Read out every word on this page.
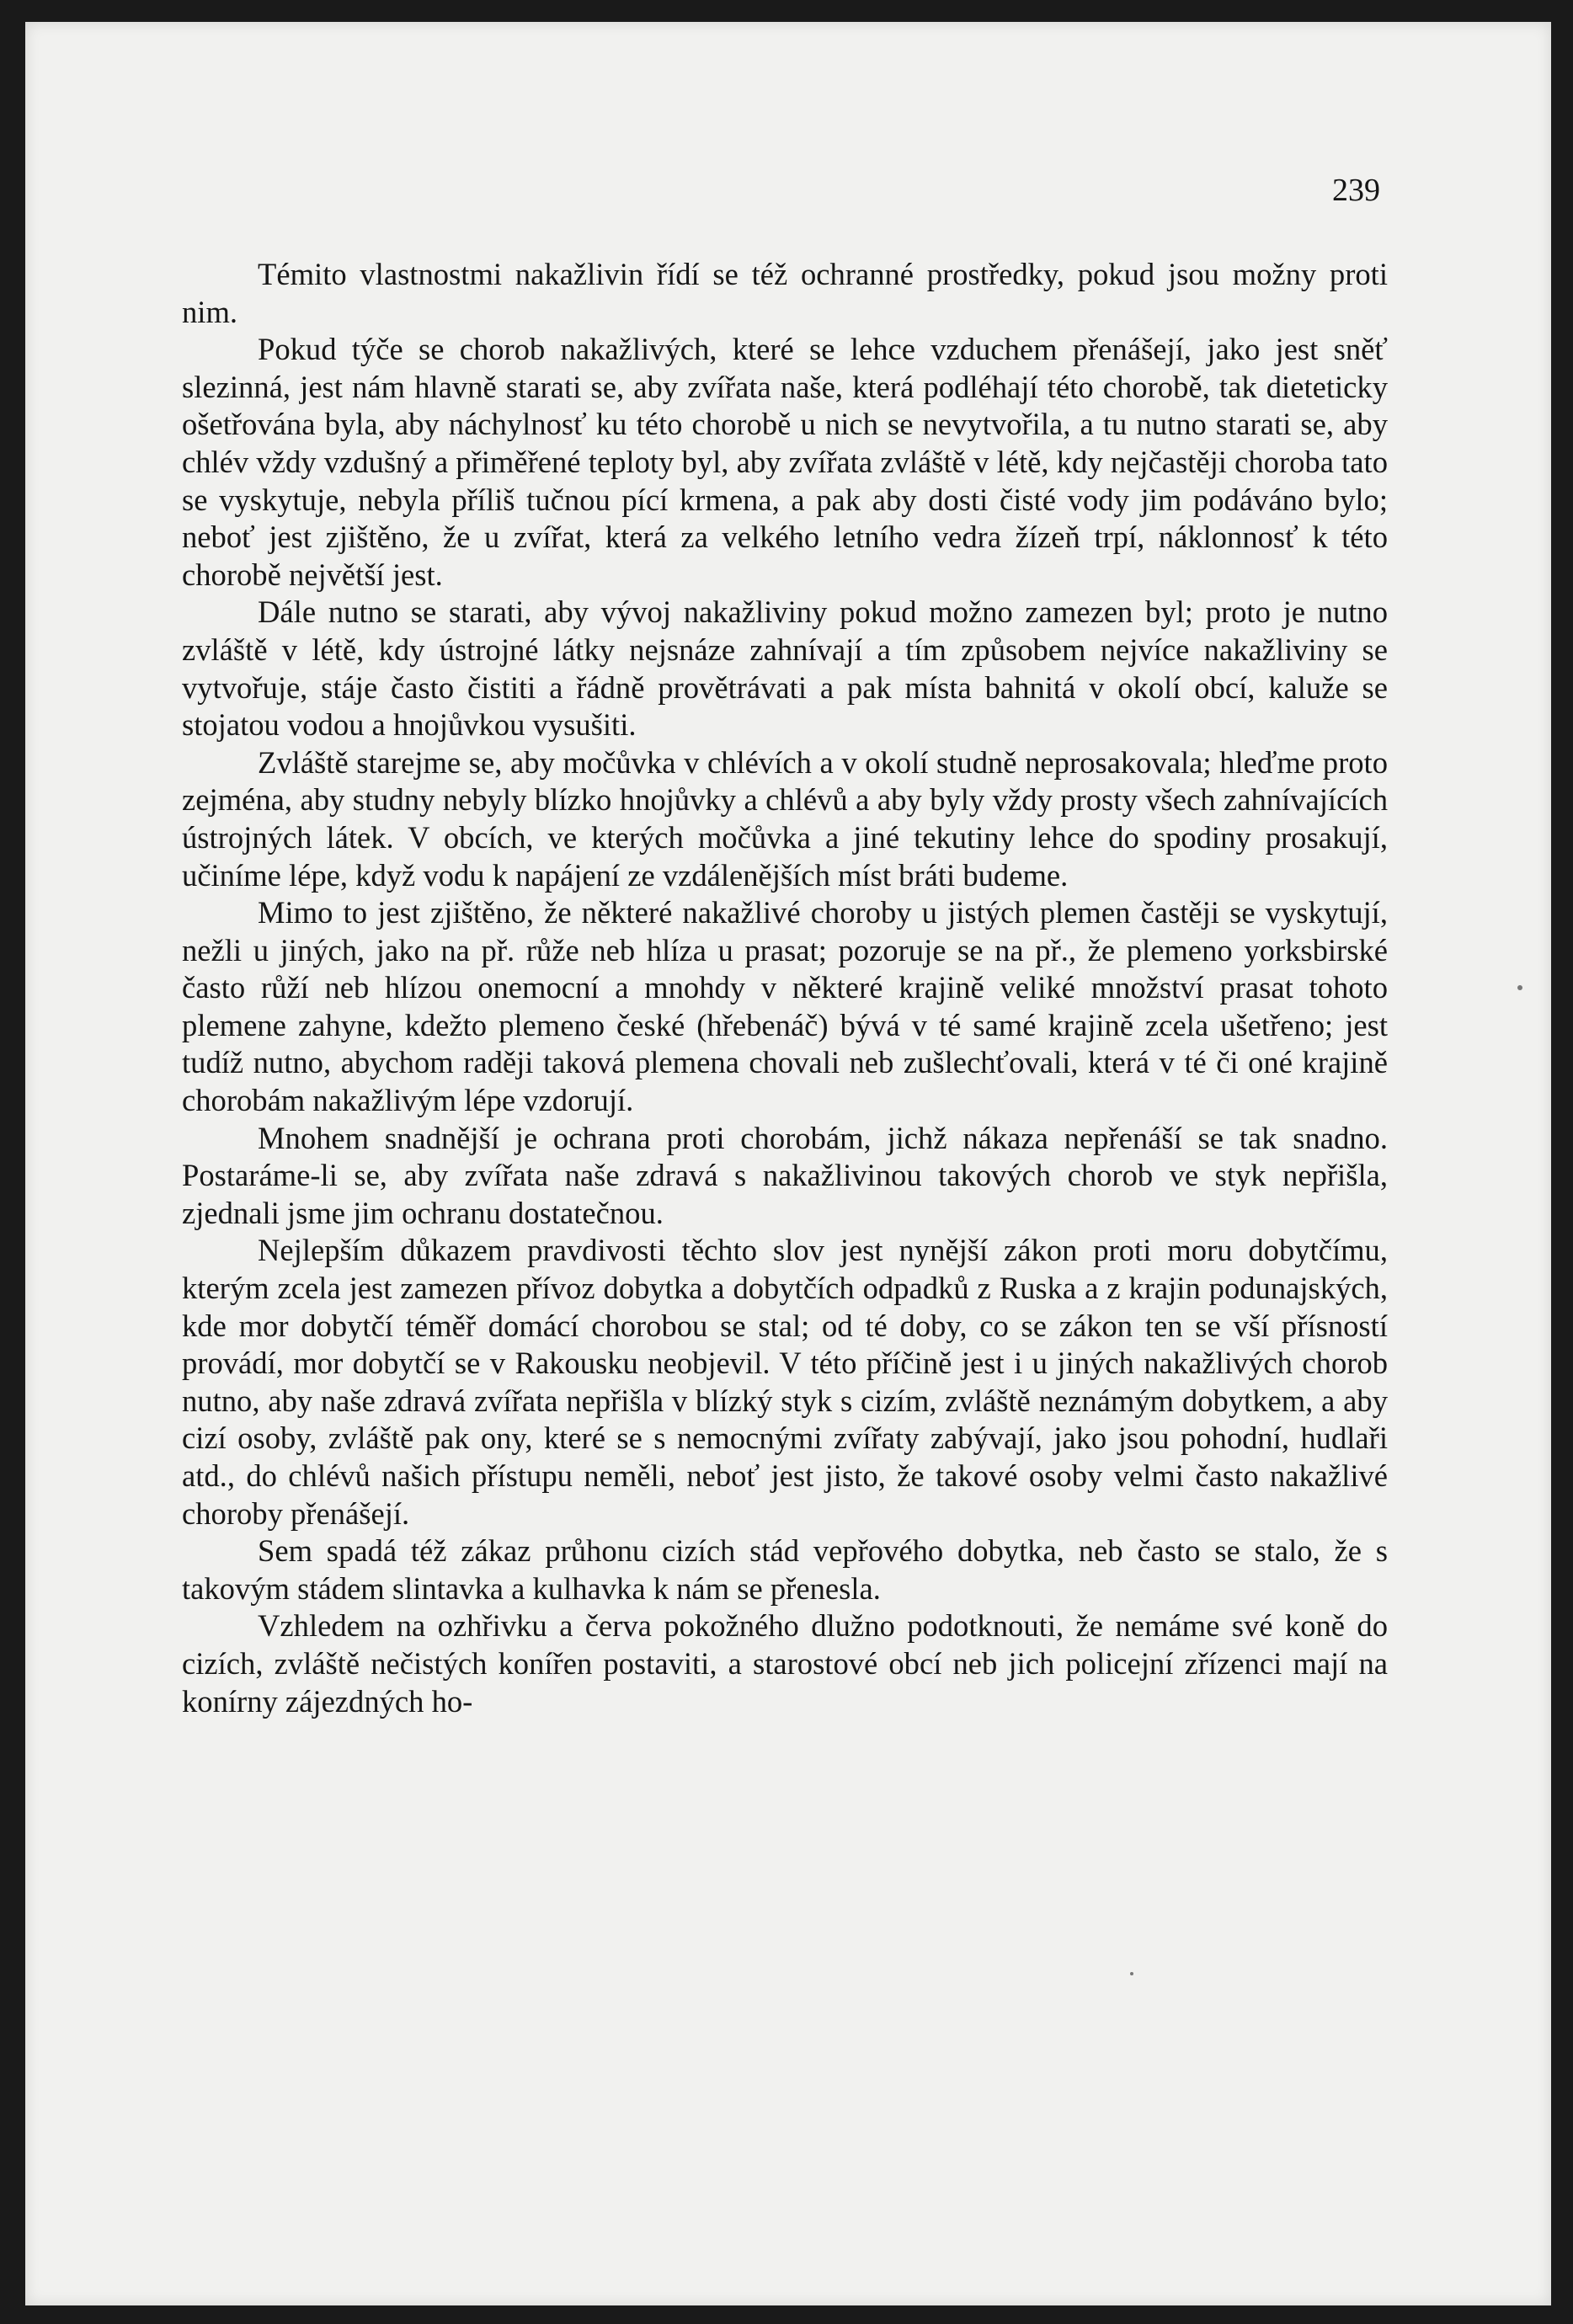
239

Témito vlastnostmi nakažlivin řídí se též ochranné prostředky, pokud jsou možny proti nim.

Pokud týče se chorob nakažlivých, které se lehce vzduchem přenášejí, jako jest sněť slezinná, jest nám hlavně starati se, aby zvířata naše, která podléhají této chorobě, tak dieteticky ošetřována byla, aby náchylnosť ku této chorobě u nich se nevytvořila, a tu nutno starati se, aby chlév vždy vzdušný a přiměřené teploty byl, aby zvířata zvláště v létě, kdy nejčastěji choroba tato se vyskytuje, nebyla příliš tučnou pící krmena, a pak aby dosti čisté vody jim podáváno bylo; neboť jest zjištěno, že u zvířat, která za velkého letního vedra žízeň trpí, náklonnosť k této chorobě největší jest.

Dále nutno se starati, aby vývoj nakažliviny pokud možno zamezen byl; proto je nutno zvláště v létě, kdy ústrojné látky nejsnáze zahnívají a tím způsobem nejvíce nakažliviny se vytvořuje, stáje často čistiti a řádně provětrávati a pak místa bahnitá v okolí obcí, kaluže se stojatou vodou a hnojůvkou vysušiti.

Zvláště starejme se, aby močůvka v chlévích a v okolí studně neprosakovala; hleďme proto zejména, aby studny nebyly blízko hnojůvky a chlévů a aby byly vždy prosty všech zahnívajících ústrojných látek. V obcích, ve kterých močůvka a jiné tekutiny lehce do spodiny prosakují, učiníme lépe, když vodu k napájení ze vzdálenějších míst bráti budeme.

Mimo to jest zjištěno, že některé nakažlivé choroby u jistých plemen častěji se vyskytují, nežli u jiných, jako na př. růže neb hlíza u prasat; pozoruje se na př., že plemeno yorksbirské často růží neb hlízou onemocní a mnohdy v některé krajině veliké množství prasat tohoto plemene zahyne, kdežto plemeno české (hřebenáč) bývá v té samé krajině zcela ušetřeno; jest tudíž nutno, abychom raději taková plemena chovali neb zušlechťovali, která v té či oné krajině chorobám nakažlivým lépe vzdorují.

Mnohem snadnější je ochrana proti chorobám, jichž nákaza nepřenáší se tak snadno. Postaráme-li se, aby zvířata naše zdravá s nakažlivinou takových chorob ve styk nepřišla, zjednali jsme jim ochranu dostatečnou.

Nejlepším důkazem pravdivosti těchto slov jest nynější zákon proti moru dobytčímu, kterým zcela jest zamezen přívoz dobytka a dobytčích odpadků z Ruska a z krajin podunajských, kde mor dobytčí téměř domácí chorobou se stal; od té doby, co se zákon ten se vší přísností provádí, mor dobytčí se v Rakousku neobjevil. V této příčině jest i u jiných nakažlivých chorob nutno, aby naše zdravá zvířata nepřišla v blízký styk s cizím, zvláště neznámým dobytkem, a aby cizí osoby, zvláště pak ony, které se s nemocnými zvířaty zabývají, jako jsou pohodní, hudlaři atd., do chlévů našich přístupu neměli, neboť jest jisto, že takové osoby velmi často nakažlivé choroby přenášejí.

Sem spadá též zákaz průhonu cizích stád vepřového dobytka, neb často se stalo, že s takovým stádem slintavka a kulhavka k nám se přenesla.

Vzhledem na ozhřivku a červa pokožného dlužno podotknouti, že nemáme své koně do cizích, zvláště nečistých konířen postaviti, a starostové obcí neb jich policejní zřízenci mají na konírny zájezdných ho-
